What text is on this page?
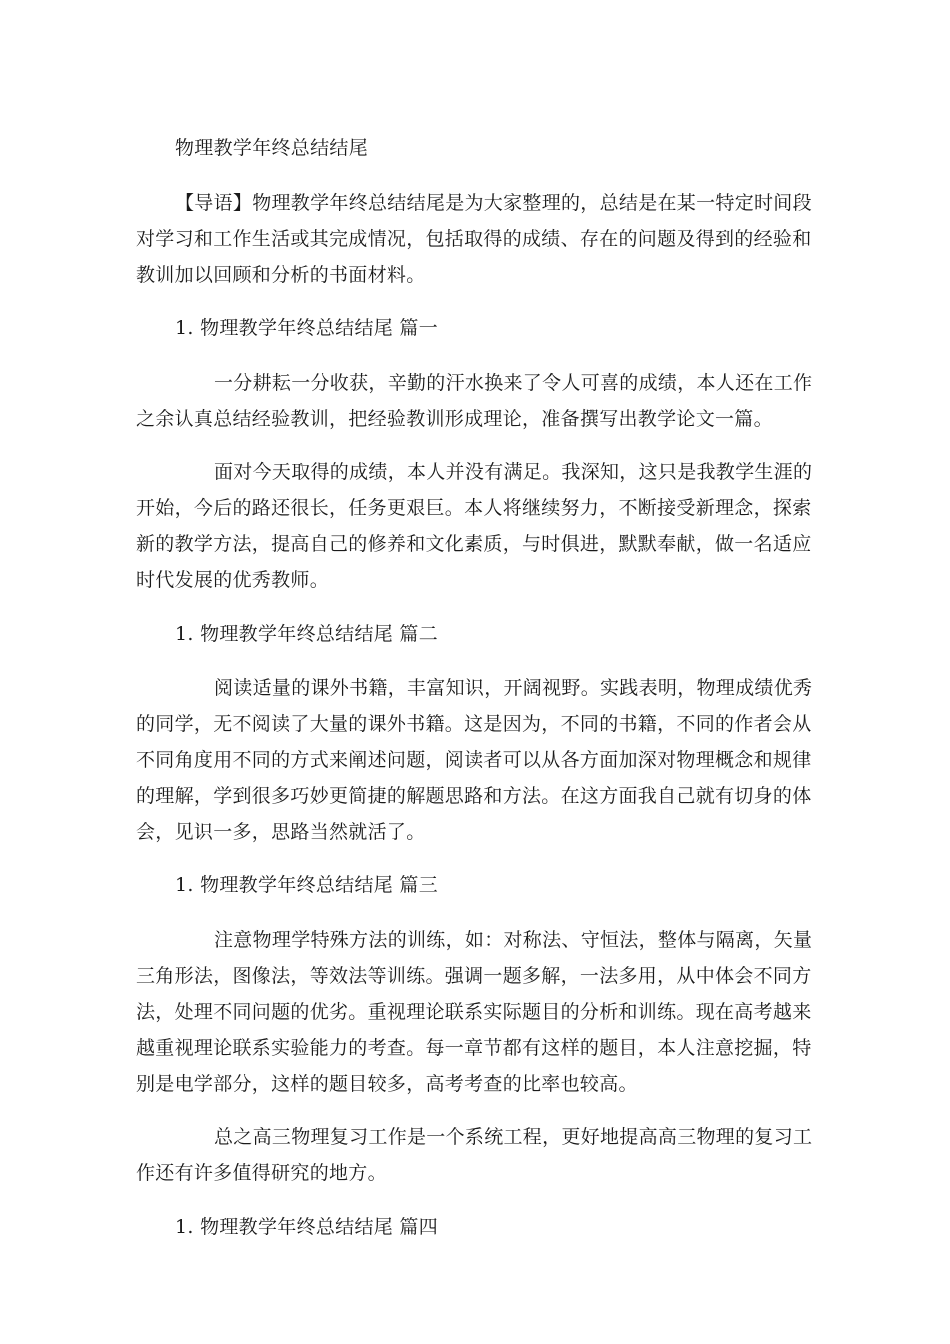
物理教学年终总结结尾
【导语】物理教学年终总结结尾是为大家整理的，总结是在某一特定时间段
对学习和工作生活或其完成情况，包括取得的成绩、存在的问题及得到的经验和
教训加以回顾和分析的书面材料。
1. 物理教学年终总结结尾 篇一
一分耕耘一分收获，辛勤的汗水换来了令人可喜的成绩，本人还在工作
之余认真总结经验教训，把经验教训形成理论，准备撰写出教学论文一篇。
面对今天取得的成绩，本人并没有满足。我深知，这只是我教学生涯的
开始，今后的路还很长，任务更艰巨。本人将继续努力，不断接受新理念，探索
新的教学方法，提高自己的修养和文化素质，与时俱进，默默奉献，做一名适应
时代发展的优秀教师。
1. 物理教学年终总结结尾 篇二
阅读适量的课外书籍，丰富知识，开阔视野。实践表明，物理成绩优秀
的同学，无不阅读了大量的课外书籍。这是因为，不同的书籍，不同的作者会从
不同角度用不同的方式来阐述问题，阅读者可以从各方面加深对物理概念和规律
的理解，学到很多巧妙更简捷的解题思路和方法。在这方面我自己就有切身的体
会，见识一多，思路当然就活了。
1. 物理教学年终总结结尾 篇三
注意物理学特殊方法的训练，如：对称法、守恒法，整体与隔离，矢量
三角形法，图像法，等效法等训练。强调一题多解，一法多用，从中体会不同方
法，处理不同问题的优劣。重视理论联系实际题目的分析和训练。现在高考越来
越重视理论联系实验能力的考查。每一章节都有这样的题目，本人注意挖掘，特
别是电学部分，这样的题目较多，高考考查的比率也较高。
总之高三物理复习工作是一个系统工程，更好地提高高三物理的复习工
作还有许多值得研究的地方。
1. 物理教学年终总结结尾 篇四
